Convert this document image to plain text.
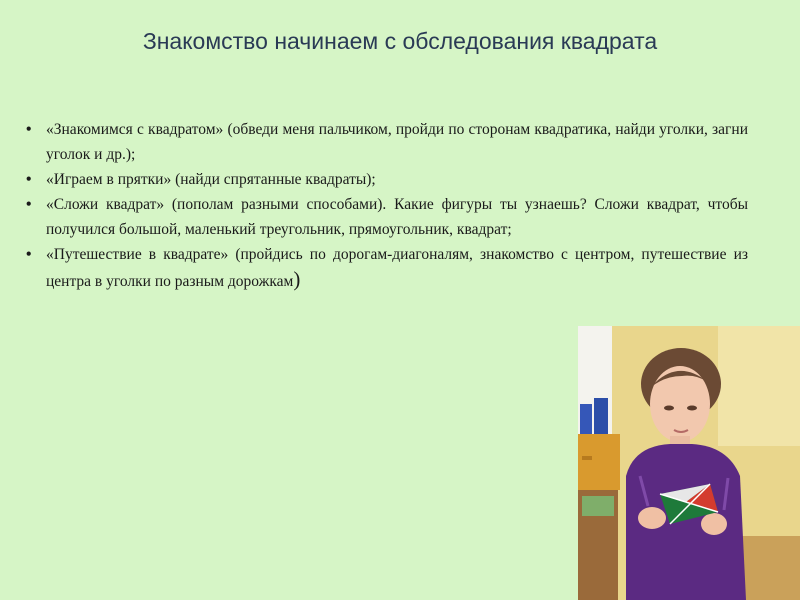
Знакомство начинаем с обследования квадрата
• «Знакомимся с квадратом» (обведи меня пальчиком, пройди по сторонам квадратика, найди уголки, загни уголок и др.);
• «Играем в прятки» (найди спрятанные квадраты);
• «Сложи квадрат» (пополам разными способами). Какие фигуры ты узнаешь? Сложи квадрат, чтобы получился большой, маленький треугольник, прямоугольник, квадрат;
• «Путешествие в квадрате» (пройдись по дорогам-диагоналям, знакомство с центром, путешествие из центра в уголки по разным дорожкам)
